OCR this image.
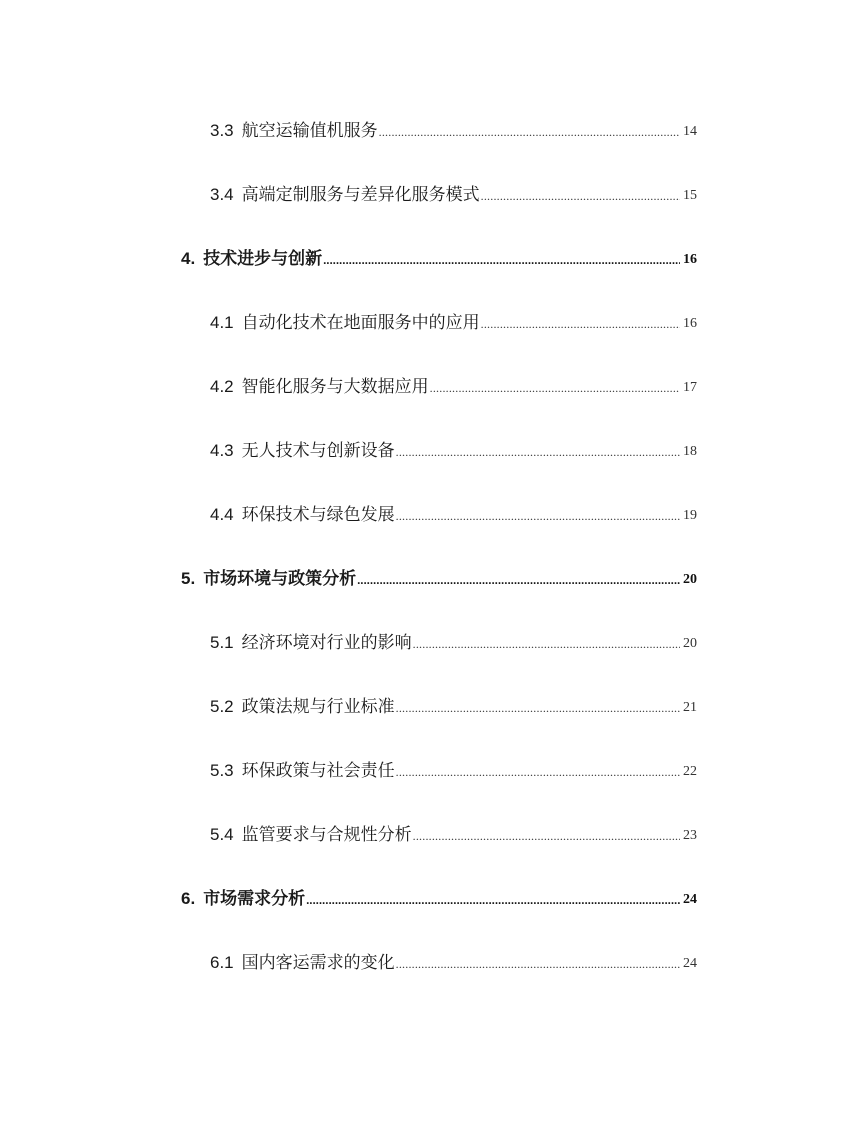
3.3 航空运输值机服务 .....	14
3.4 高端定制服务与差异化服务模式 .....	15
4. 技术进步与创新 .....	16
4.1 自动化技术在地面服务中的应用 .....	16
4.2 智能化服务与大数据应用 .....	17
4.3 无人技术与创新设备 .....	18
4.4 环保技术与绿色发展 .....	19
5. 市场环境与政策分析 .....	20
5.1 经济环境对行业的影响 .....	20
5.2 政策法规与行业标准 .....	21
5.3 环保政策与社会责任 .....	22
5.4 监管要求与合规性分析 .....	23
6. 市场需求分析 .....	24
6.1 国内客运需求的变化 .....	24
